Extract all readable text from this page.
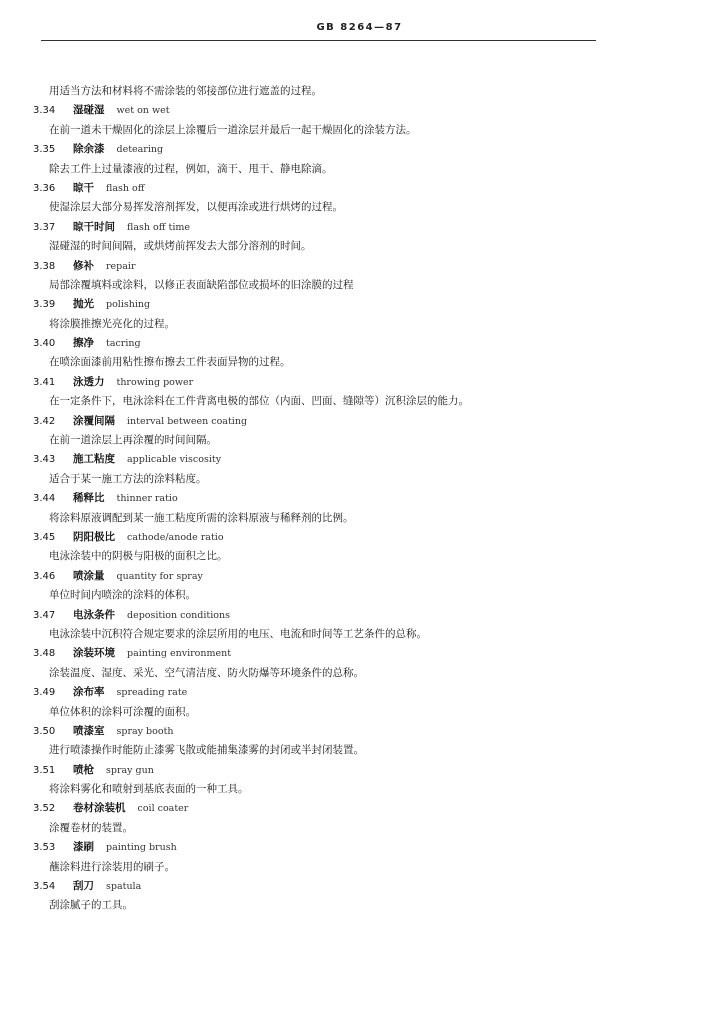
GB 8264—87
用适当方法和材料将不需涂装的邻接部位进行遮盖的过程。
3.34 湿碰湿 wet on wet
在前一道未干燥固化的涂层上涂覆后一道涂层并最后一起干燥固化的涂装方法。
3.35 除余漆 detearing
除去工件上过量漆液的过程，例如，滴干、甩干、静电除滴。
3.36 晾干 flash off
使湿涂层大部分易挥发溶剂挥发，以便再涂或进行烘烤的过程。
3.37 晾干时间 flash off time
湿碰湿的时间间隔，或烘烤前挥发去大部分溶剂的时间。
3.38 修补 repair
局部涂覆填料或涂料，以修正表面缺陷部位或损坏的旧涂膜的过程
3.39 抛光 polishing
将涂膜推擦光亮化的过程。
3.40 擦净 tacring
在喷涂面漆前用粘性擦布擦去工件表面异物的过程。
3.41 泳透力 throwing power
在一定条件下，电泳涂料在工件背离电极的部位（内面、凹面、缝隙等）沉积涂层的能力。
3.42 涂覆间隔 interval between coating
在前一道涂层上再涂覆的时间间隔。
3.43 施工粘度 applicable viscosity
适合于某一施工方法的涂料粘度。
3.44 稀释比 thinner ratio
将涂料原液调配到某一施工粘度所需的涂料原液与稀释剂的比例。
3.45 阴阳极比 cathode/anode ratio
电泳涂装中的阴极与阳极的面积之比。
3.46 喷涂量 quantity for spray
单位时间内喷涂的涂料的体积。
3.47 电泳条件 deposition conditions
电泳涂装中沉积符合规定要求的涂层所用的电压、电流和时间等工艺条件的总称。
3.48 涂装环境 painting environment
涂装温度、湿度、采光、空气清洁度、防火防爆等环境条件的总称。
3.49 涂布率 spreading rate
单位体积的涂料可涂覆的面积。
3.50 喷漆室 spray booth
进行喷漆操作时能防止漆雾飞散或能捕集漆雾的封闭或半封闭装置。
3.51 喷枪 spray gun
将涂料雾化和喷射到基底表面的一种工具。
3.52 卷材涂装机 coil coater
涂覆卷材的装置。
3.53 漆刷 painting brush
蘸涂料进行涂装用的刷子。
3.54 刮刀 spatula
刮涂腻子的工具。
